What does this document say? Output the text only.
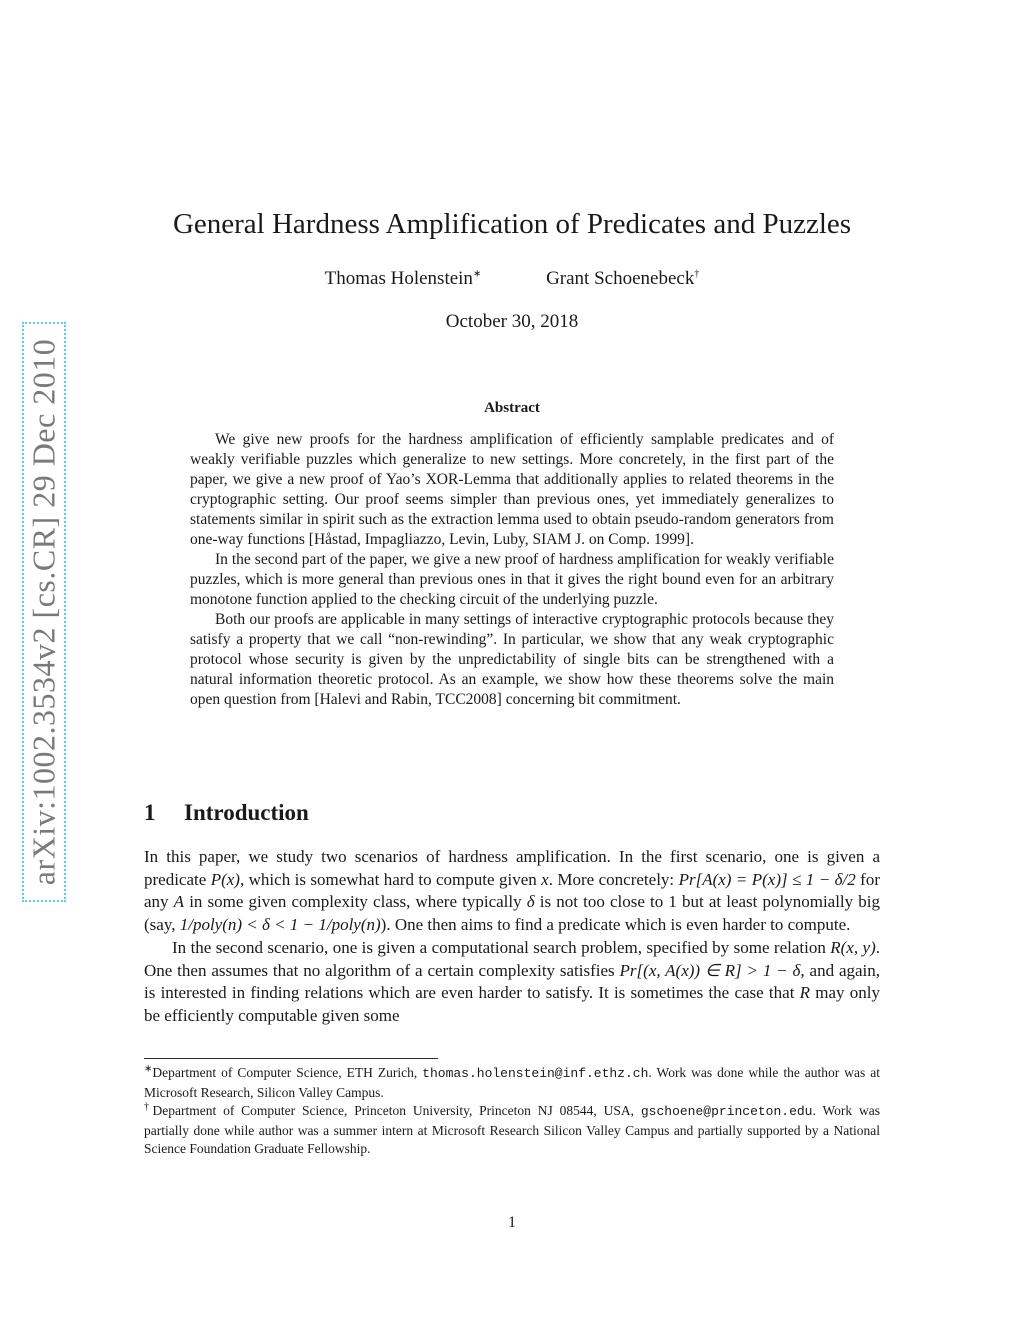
arXiv:1002.3534v2 [cs.CR] 29 Dec 2010
General Hardness Amplification of Predicates and Puzzles
Thomas Holenstein∗	Grant Schoenebeck†
October 30, 2018
Abstract

We give new proofs for the hardness amplification of efficiently samplable predicates and of weakly verifiable puzzles which generalize to new settings. More concretely, in the first part of the paper, we give a new proof of Yao’s XOR-Lemma that additionally applies to related theorems in the cryptographic setting. Our proof seems simpler than previous ones, yet immediately generalizes to statements similar in spirit such as the extraction lemma used to obtain pseudo-random generators from one-way functions [Håstad, Impagliazzo, Levin, Luby, SIAM J. on Comp. 1999].

In the second part of the paper, we give a new proof of hardness amplification for weakly verifiable puzzles, which is more general than previous ones in that it gives the right bound even for an arbitrary monotone function applied to the checking circuit of the underlying puzzle.

Both our proofs are applicable in many settings of interactive cryptographic protocols because they satisfy a property that we call “non-rewinding”. In particular, we show that any weak cryptographic protocol whose security is given by the unpredictability of single bits can be strengthened with a natural information theoretic protocol. As an example, we show how these theorems solve the main open question from [Halevi and Rabin, TCC2008] concerning bit commitment.

1 Introduction

In this paper, we study two scenarios of hardness amplification. In the first scenario, one is given a predicate P(x), which is somewhat hard to compute given x. More concretely: Pr[A(x) = P(x)] ≤ 1 − δ/2 for any A in some given complexity class, where typically δ is not too close to 1 but at least polynomially big (say, 1/poly(n) < δ < 1 − 1/poly(n)). One then aims to find a predicate which is even harder to compute.

In the second scenario, one is given a computational search problem, specified by some relation R(x, y). One then assumes that no algorithm of a certain complexity satisfies Pr[(x, A(x)) ∈ R] > 1 − δ, and again, is interested in finding relations which are even harder to satisfy. It is sometimes the case that R may only be efficiently computable given some

∗Department of Computer Science, ETH Zurich, thomas.holenstein@inf.ethz.ch. Work was done while the author was at Microsoft Research, Silicon Valley Campus.

†Department of Computer Science, Princeton University, Princeton NJ 08544, USA, gschoene@princeton.edu. Work was partially done while author was a summer intern at Microsoft Research Silicon Valley Campus and partially supported by a National Science Foundation Graduate Fellowship.

1
